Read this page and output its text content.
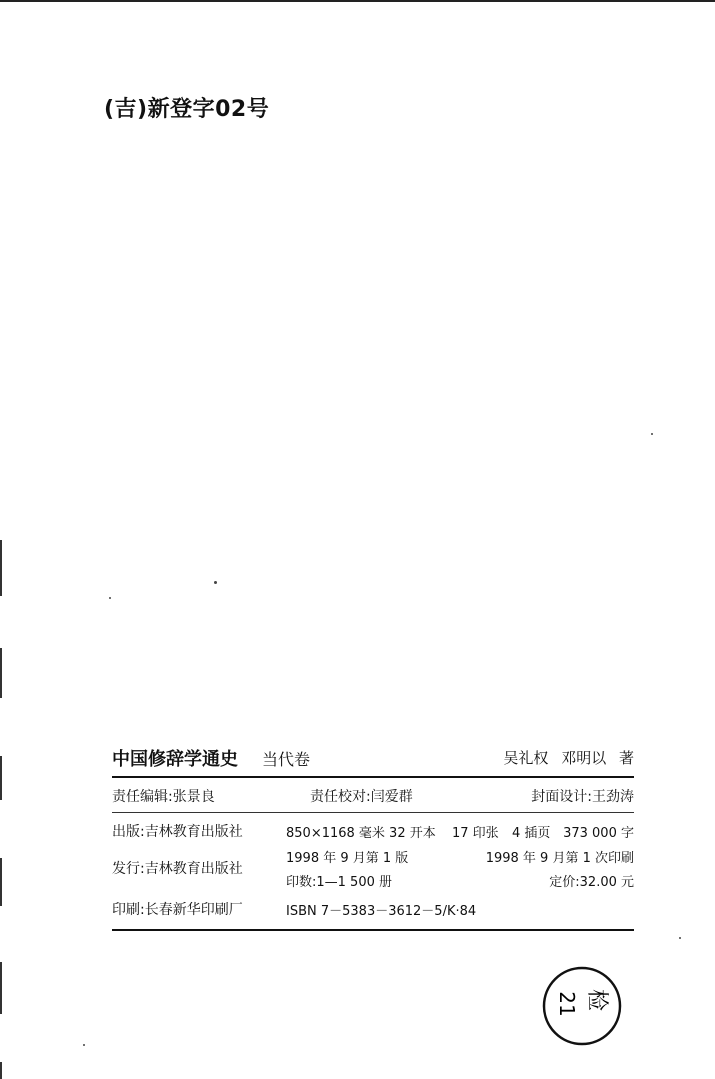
(吉)新登字02号
中国修辞学通史 当代卷	吴礼权 邓明以 著
责任编辑:张景良	责任校对:闫爱群	封面设计:王劲涛
出版:吉林教育出版社	850×1168 毫米 32 开本 17 印张 4 插页 373 000 字
发行:吉林教育出版社
1998 年 9 月第 1 版	1998 年 9 月第 1 次印刷
印数:1—1 500 册	定价:32.00 元
印刷:长春新华印刷厂	ISBN 7－5383－3612－5/K·84
检
21
